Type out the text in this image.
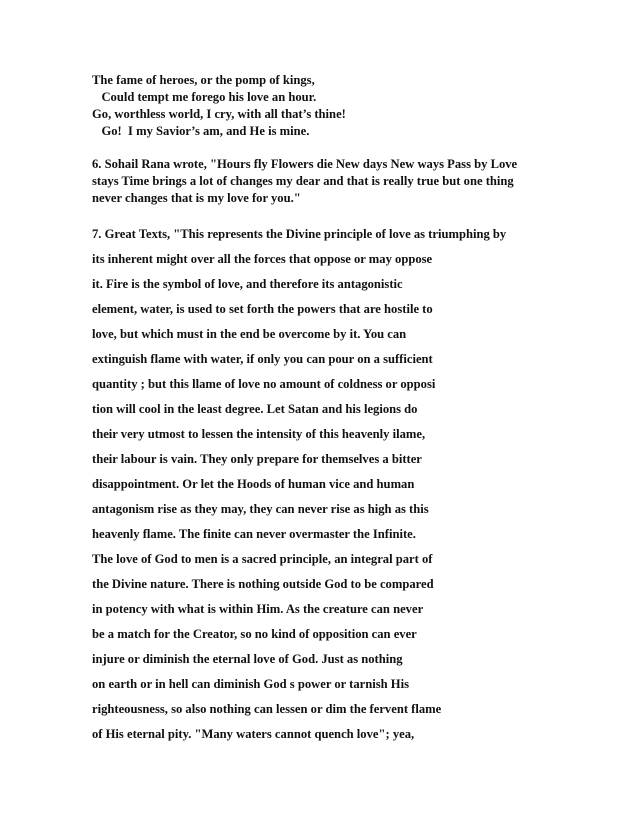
The fame of heroes, or the pomp of kings,
Could tempt me forego his love an hour.
Go, worthless world, I cry, with all that’s thine!
Go!  I my Savior’s am, and He is mine.
6. Sohail Rana wrote, "Hours fly Flowers die New days New ways Pass by Love
stays Time brings a lot of changes my dear and that is really true but one thing
never changes that is my love for you."
7. Great Texts, "This represents the Divine principle of love as triumphing by
its inherent might over all the forces that oppose or may oppose
it. Fire is the symbol of love, and therefore its antagonistic
element, water, is used to set forth the powers that are hostile to
love, but which must in the end be overcome by it. You can
extinguish flame with water, if only you can pour on a sufficient
quantity ; but this llame of love no amount of coldness or opposi
tion will cool in the least degree. Let Satan and his legions do
their very utmost to lessen the intensity of this heavenly ilame,
their labour is vain. They only prepare for themselves a bitter
disappointment. Or let the Hoods of human vice and human
antagonism rise as they may, they can never rise as high as this
heavenly flame. The finite can never overmaster the Infinite.
The love of God to men is a sacred principle, an integral part of
the Divine nature. There is nothing outside God to be compared
in potency with what is within Him. As the creature can never
be a match for the Creator, so no kind of opposition can ever
injure or diminish the eternal love of God. Just as nothing
on earth or in hell can diminish God s power or tarnish His
righteousness, so also nothing can lessen or dim the fervent flame
of His eternal pity. "Many waters cannot quench love"; yea,
